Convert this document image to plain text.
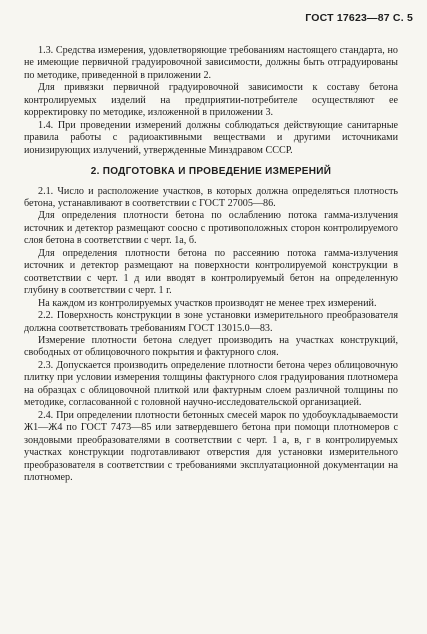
ГОСТ 17623—87 С. 5

1.3. Средства измерения, удовлетворяющие требованиям настоящего стандарта, но не имеющие первичной градуировочной зависимости, должны быть отградуированы по методике, приведенной в приложении 2.

Для привязки первичной градуировочной зависимости к составу бетона контролируемых изделий на предприятии-потребителе осуществляют ее корректировку по методике, изложенной в приложении 3.

1.4. При проведении измерений должны соблюдаться действующие санитарные правила работы с радиоактивными веществами и другими источниками ионизирующих излучений, утвержденные Минздравом СССР.

2. ПОДГОТОВКА И ПРОВЕДЕНИЕ ИЗМЕРЕНИЙ

2.1. Число и расположение участков, в которых должна определяться плотность бетона, устанавливают в соответствии с ГОСТ 27005—86.

Для определения плотности бетона по ослаблению потока гамма-излучения источник и детектор размещают соосно с противоположных сторон контролируемого слоя бетона в соответствии с черт. 1а, б.

Для определения плотности бетона по рассеянию потока гамма-излучения источник и детектор размещают на поверхности контролируемой конструкции в соответствии с черт. 1 д или вводят в контролируемый бетон на определенную глубину в соответствии с черт. 1 г.

На каждом из контролируемых участков производят не менее трех измерений.

2.2. Поверхность конструкции в зоне установки измерительного преобразователя должна соответствовать требованиям ГОСТ 13015.0—83.

Измерение плотности бетона следует производить на участках конструкций, свободных от облицовочного покрытия и фактурного слоя.

2.3. Допускается производить определение плотности бетона через облицовочную плитку при условии измерения толщины фактурного слоя градуирования плотномера на образцах с облицовочной плиткой или фактурным слоем различной толщины по методике, согласованной с головной научно-исследовательской организацией.

2.4. При определении плотности бетонных смесей марок по удобоукладываемости Ж1—Ж4 по ГОСТ 7473—85 или затвердевшего бетона при помощи плотномеров с зондовыми преобразователями в соответствии с черт. 1 а, в, г в контролируемых участках конструкции подготавливают отверстия для установки измерительного преобразователя в соответствии с требованиями эксплуатационной документации на плотномер.
